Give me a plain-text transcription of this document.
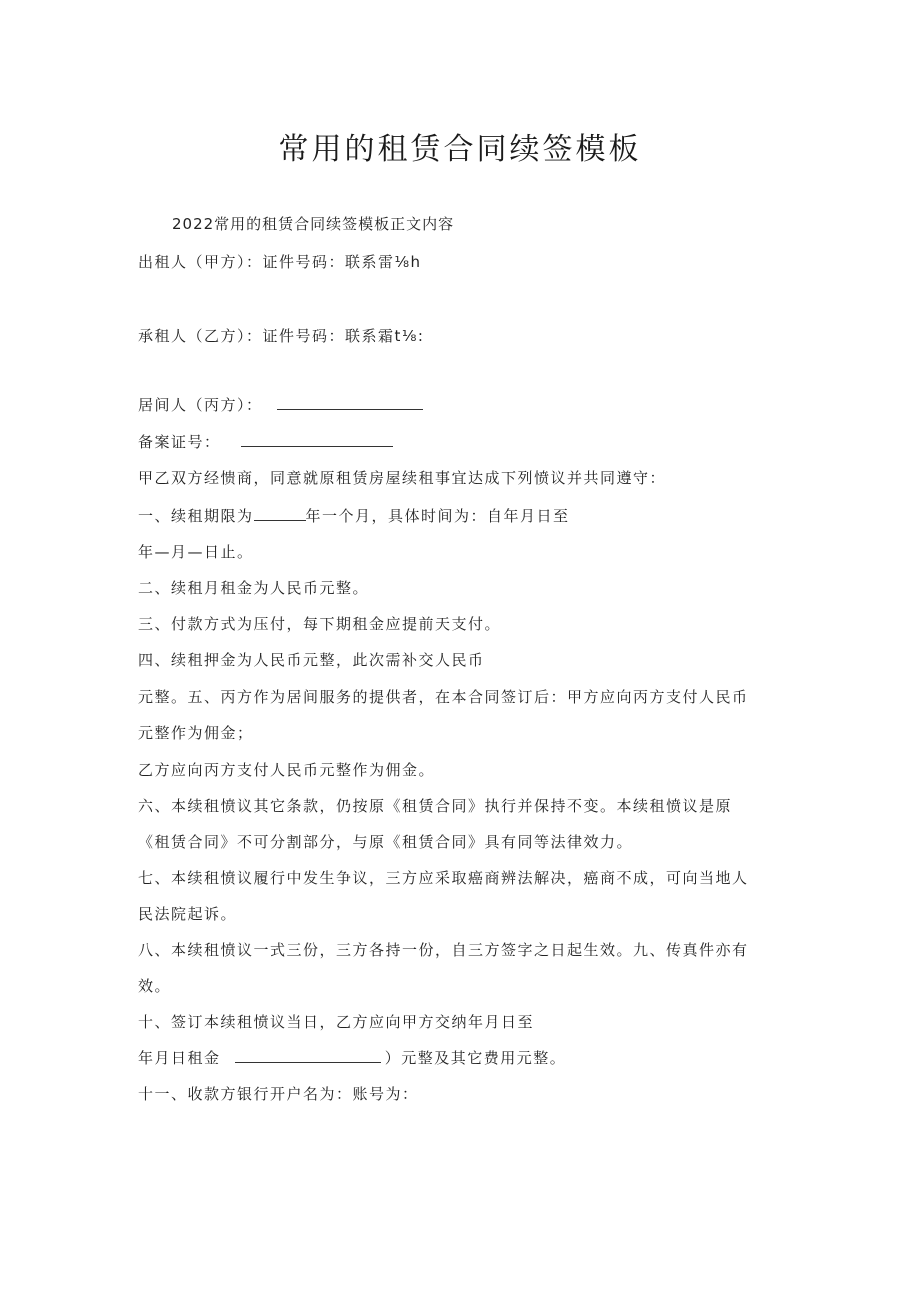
常用的租赁合同续签模板
2022常用的租赁合同续签模板正文内容
出租人（甲方）：证件号码：联系雷⅛h
承租人（乙方）：证件号码：联系霜t⅛:
居间人（丙方）：
备案证号：
甲乙双方经愦商，同意就原租赁房屋续租事宜达成下列愤议并共同遵守：
一、续租期限为	年一个月，具体时间为：自年月日至
年—月—日止。
二、续租月租金为人民币元整。
三、付款方式为压付，每下期租金应提前天支付。
四、续租押金为人民币元整，此次需补交人民币
元整。五、丙方作为居间服务的提供者，在本合同签订后：甲方应向丙方支付人民币
元整作为佣金；
乙方应向丙方支付人民币元整作为佣金。
六、本续租愤议其它条款，仍按原《租赁合同》执行并保持不变。本续租愤议是原
《租赁合同》不可分割部分，与原《租赁合同》具有同等法律效力。
七、本续租愤议履行中发生争议，三方应采取癌商辨法解决，癌商不成，可向当地人
民法院起诉。
八、本续租愤议一式三份，三方各持一份，自三方签字之日起生效。九、传真件亦有
效。
十、签订本续租愤议当日，乙方应向甲方交纳年月日至
年月日租金	）元整及其它费用元整。
十一、收款方银行开户名为：账号为：
